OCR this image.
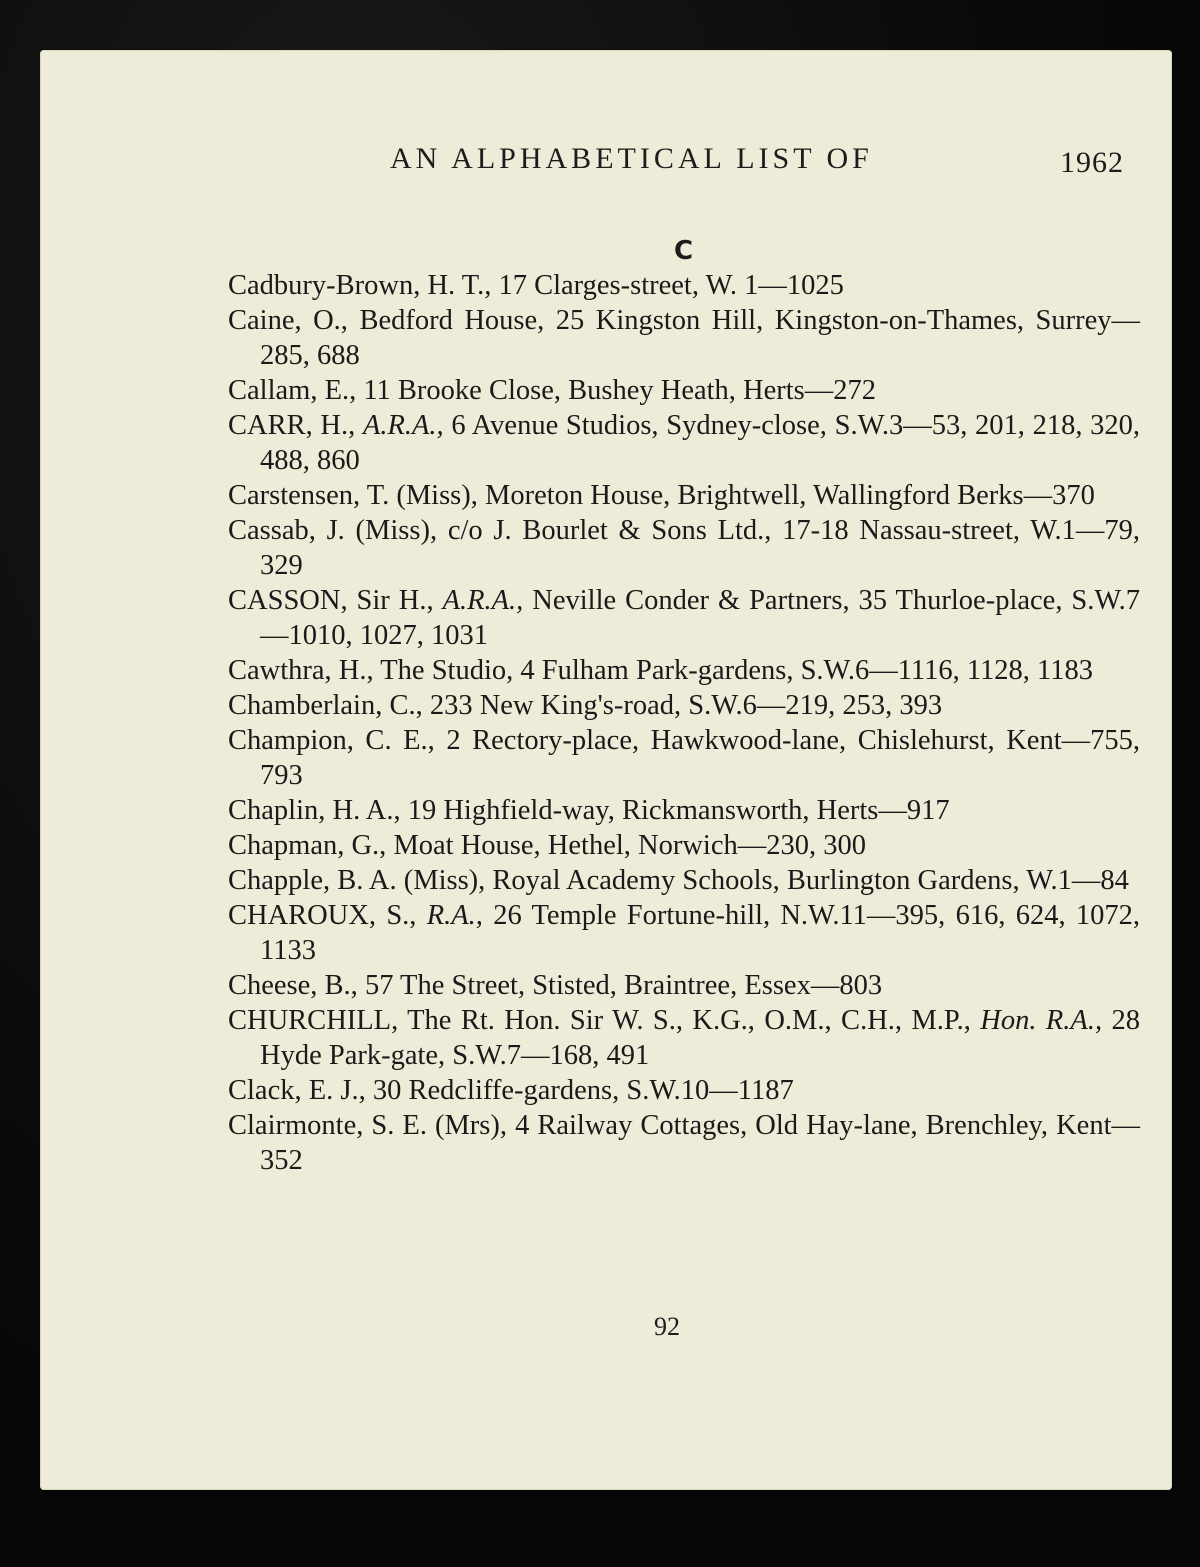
AN ALPHABETICAL LIST OF	1962
C
Cadbury-Brown, H. T., 17 Clarges-street, W. 1—1025
Caine, O., Bedford House, 25 Kingston Hill, Kingston-on-Thames, Surrey—285, 688
Callam, E., 11 Brooke Close, Bushey Heath, Herts—272
CARR, H., A.R.A., 6 Avenue Studios, Sydney-close, S.W.3—53, 201, 218, 320, 488, 860
Carstensen, T. (Miss), Moreton House, Brightwell, Wallingford Berks—370
Cassab, J. (Miss), c/o J. Bourlet & Sons Ltd., 17-18 Nassau-street, W.1—79, 329
CASSON, Sir H., A.R.A., Neville Conder & Partners, 35 Thurloe-place, S.W.7—1010, 1027, 1031
Cawthra, H., The Studio, 4 Fulham Park-gardens, S.W.6—1116, 1128, 1183
Chamberlain, C., 233 New King's-road, S.W.6—219, 253, 393
Champion, C. E., 2 Rectory-place, Hawkwood-lane, Chislehurst, Kent—755, 793
Chaplin, H. A., 19 Highfield-way, Rickmansworth, Herts—917
Chapman, G., Moat House, Hethel, Norwich—230, 300
Chapple, B. A. (Miss), Royal Academy Schools, Burlington Gardens, W.1—84
CHAROUX, S., R.A., 26 Temple Fortune-hill, N.W.11—395, 616, 624, 1072, 1133
Cheese, B., 57 The Street, Stisted, Braintree, Essex—803
CHURCHILL, The Rt. Hon. Sir W. S., K.G., O.M., C.H., M.P., Hon. R.A., 28 Hyde Park-gate, S.W.7—168, 491
Clack, E. J., 30 Redcliffe-gardens, S.W.10—1187
Clairmonte, S. E. (Mrs), 4 Railway Cottages, Old Hay-lane, Brenchley, Kent—352
92
